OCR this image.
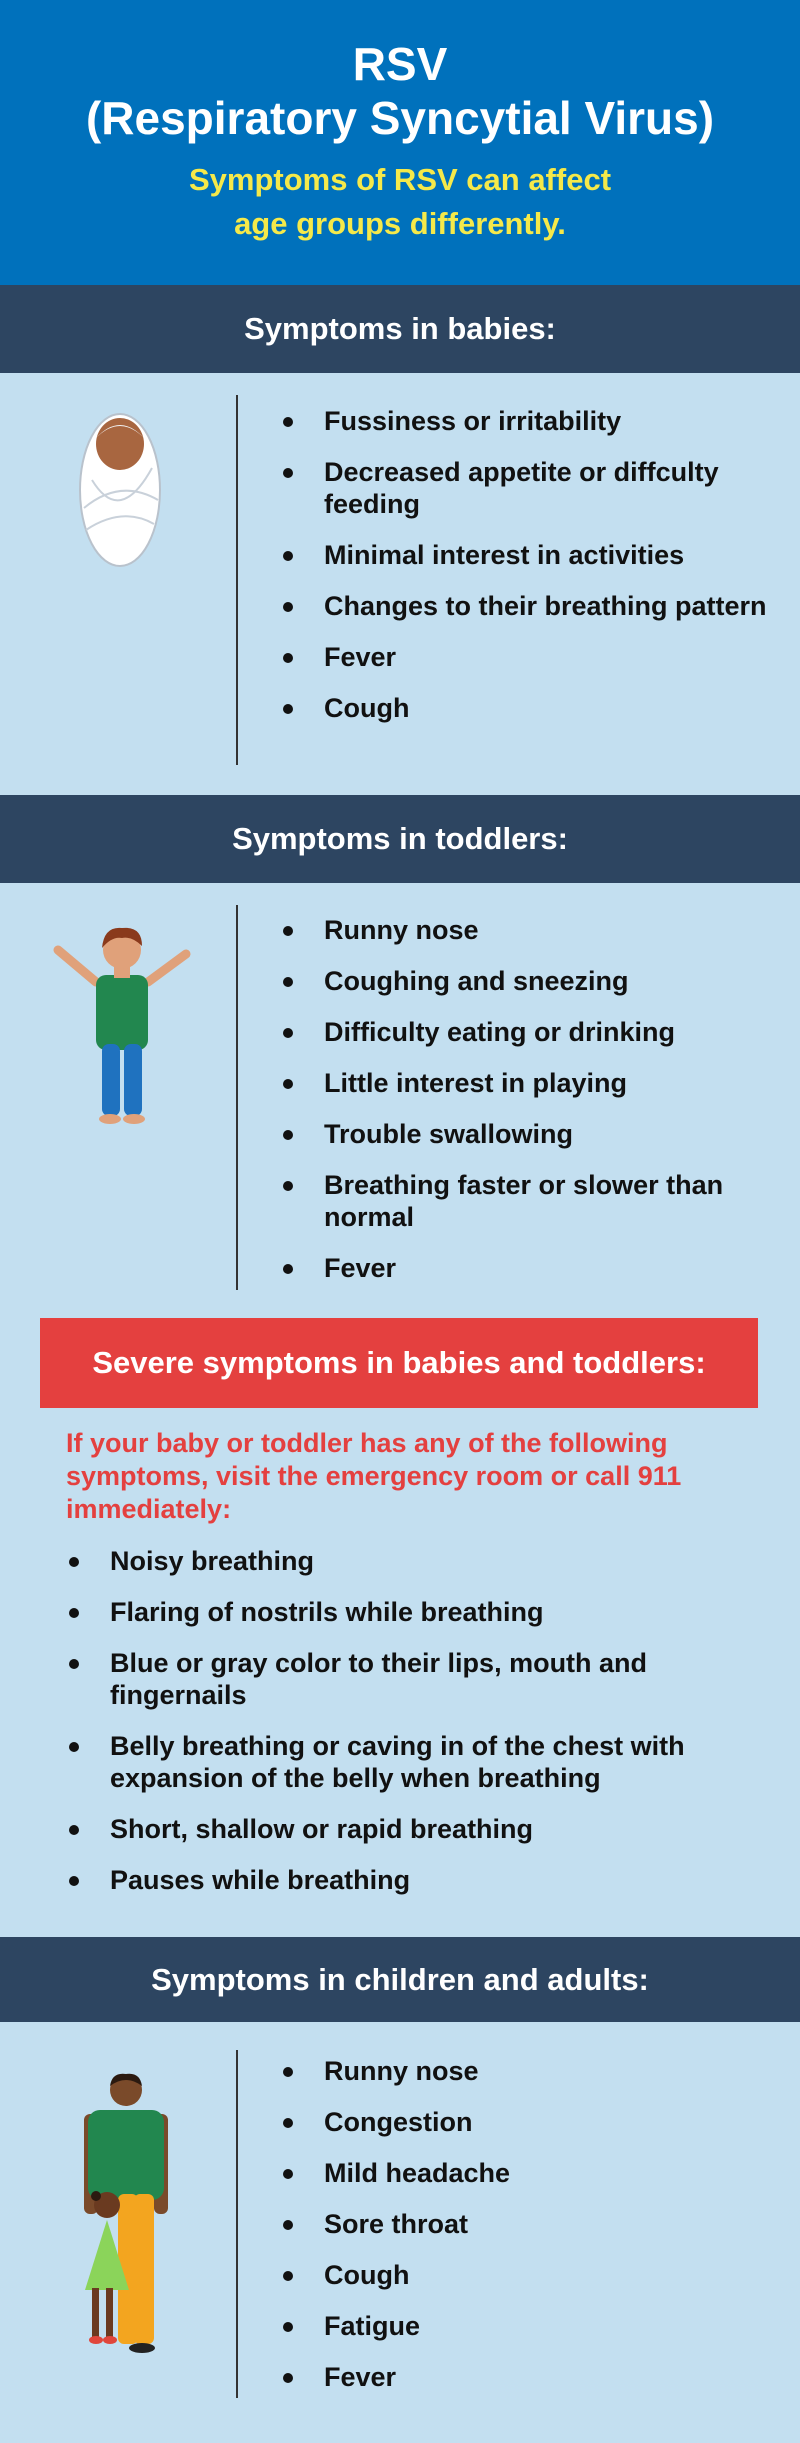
RSV
(Respiratory Syncytial Virus)
Symptoms of RSV can affect
age groups differently.
Symptoms in babies:
Fussiness or irritability
Decreased appetite or diffculty feeding
Minimal interest in activities
Changes to their breathing pattern
Fever
Cough
Symptoms in toddlers:
Runny nose
Coughing and sneezing
Difficulty eating or drinking
Little interest in playing
Trouble swallowing
Breathing faster or slower than normal
Fever
Severe symptoms in babies and toddlers:
If your baby or toddler has any of the following symptoms, visit the emergency room or call 911 immediately:
Noisy breathing
Flaring of nostrils while breathing
Blue or gray color to their lips, mouth and fingernails
Belly breathing or caving in of the chest with expansion of the belly when breathing
Short, shallow or rapid breathing
Pauses while breathing
Symptoms in children and adults:
Runny nose
Congestion
Mild headache
Sore throat
Cough
Fatigue
Fever
